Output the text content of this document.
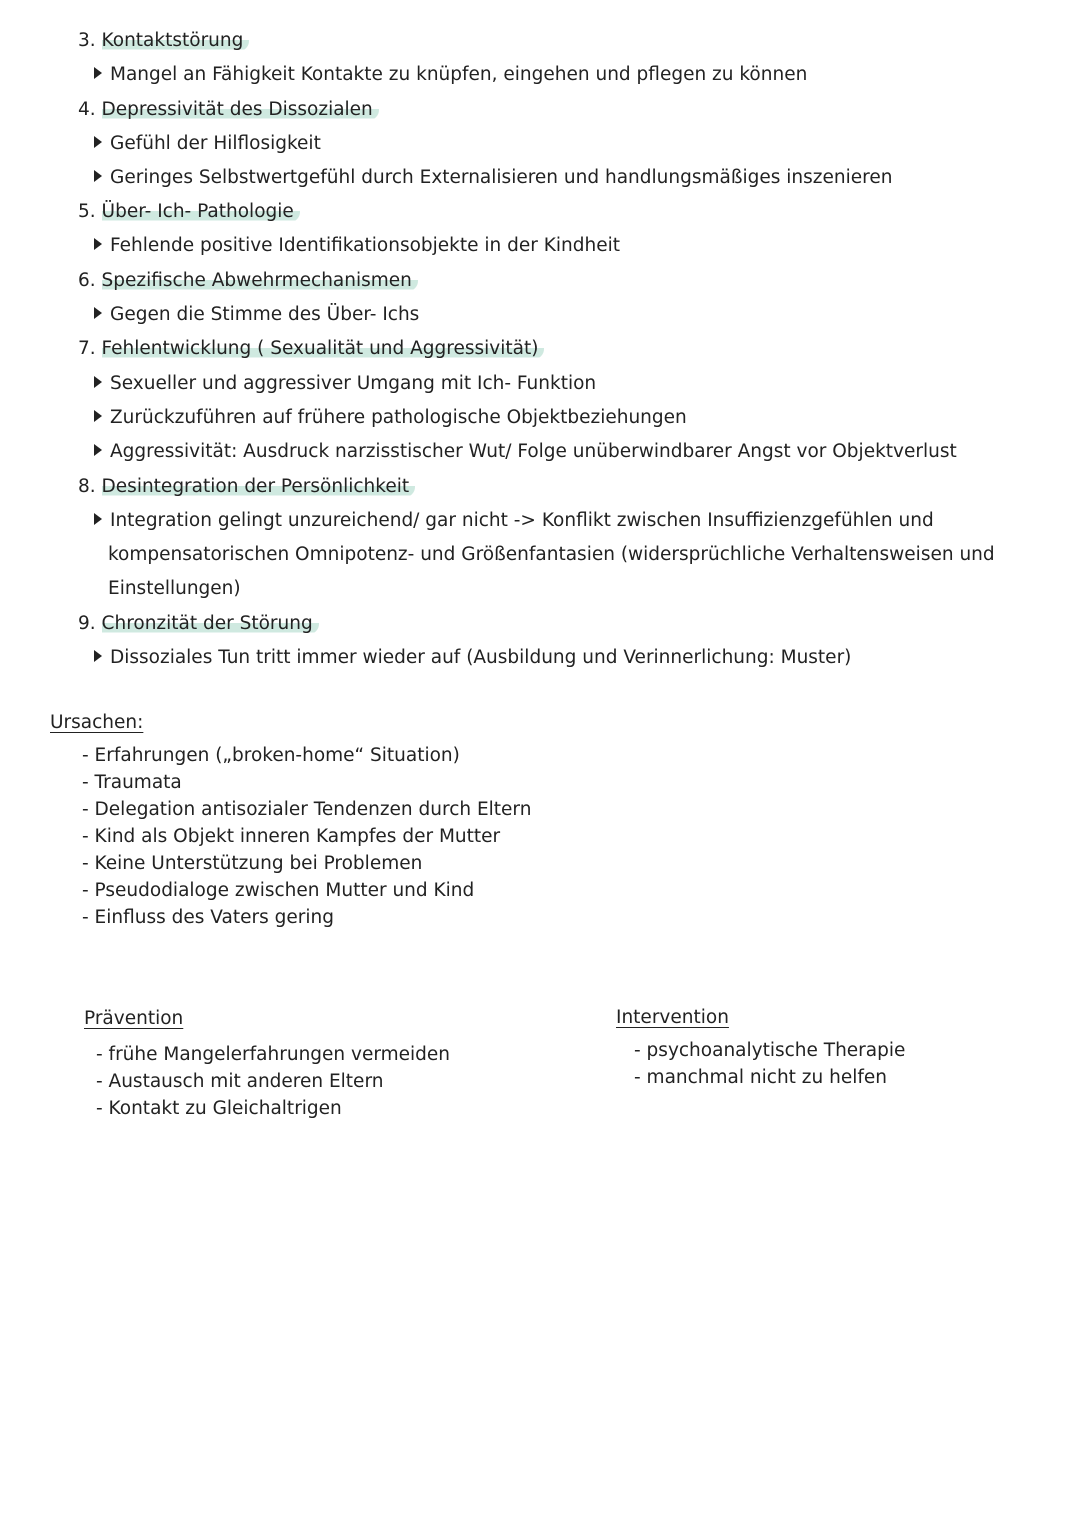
3. Kontaktstörung
Mangel an Fähigkeit Kontakte zu knüpfen, eingehen und pflegen zu können
4. Depressivität des Dissozialen
Gefühl der Hilflosigkeit
Geringes Selbstwertgefühl durch Externalisieren und handlungsmäßiges inszenieren
5. Über- Ich- Pathologie
Fehlende positive Identifikationsobjekte in der Kindheit
6. Spezifische Abwehrmechanismen
Gegen die Stimme des Über- Ichs
7. Fehlentwicklung ( Sexualität und Aggressivität)
Sexueller und aggressiver Umgang mit Ich- Funktion
Zurückzuführen auf frühere pathologische Objektbeziehungen
Aggressivität: Ausdruck narzisstischer Wut/ Folge unüberwindbarer Angst vor Objektverlust
8. Desintegration der Persönlichkeit
Integration gelingt unzureichend/ gar nicht -> Konflikt zwischen Insuffizienzgefühlen und
kompensatorischen Omnipotenz- und Größenfantasien (widersprüchliche Verhaltensweisen und
Einstellungen)
9. Chronzität der Störung
Dissoziales Tun tritt immer wieder auf (Ausbildung und Verinnerlichung: Muster)
Ursachen:
- Erfahrungen („broken-home“ Situation)
- Traumata
- Delegation antisozialer Tendenzen durch Eltern
- Kind als Objekt inneren Kampfes der Mutter
- Keine Unterstützung bei Problemen
- Pseudodialoge zwischen Mutter und Kind
- Einfluss des Vaters gering
Prävention
- frühe Mangelerfahrungen vermeiden
- Austausch mit anderen Eltern
- Kontakt zu Gleichaltrigen
Intervention
- psychoanalytische Therapie
- manchmal nicht zu helfen
